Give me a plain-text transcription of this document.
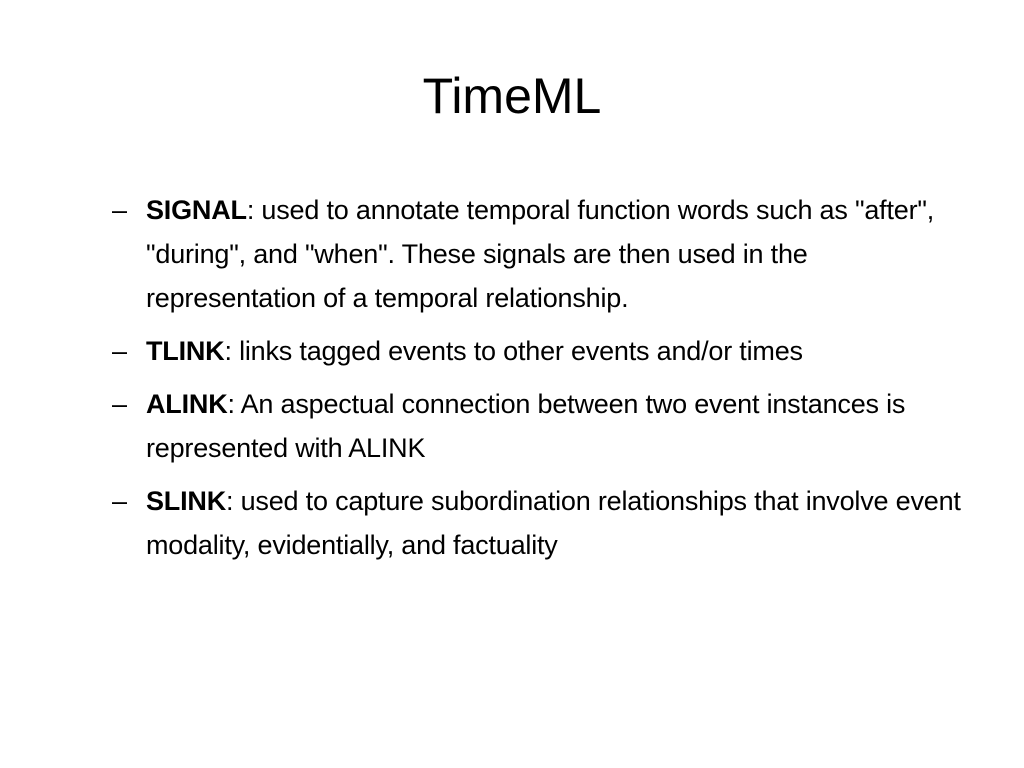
TimeML
– SIGNAL: used to annotate temporal function words such as "after", "during", and "when". These signals are then used in the representation of a temporal relationship.
– TLINK: links tagged events to other events and/or times
– ALINK: An aspectual connection between two event instances is represented with ALINK
– SLINK: used to capture subordination relationships that involve event modality, evidentially, and factuality
